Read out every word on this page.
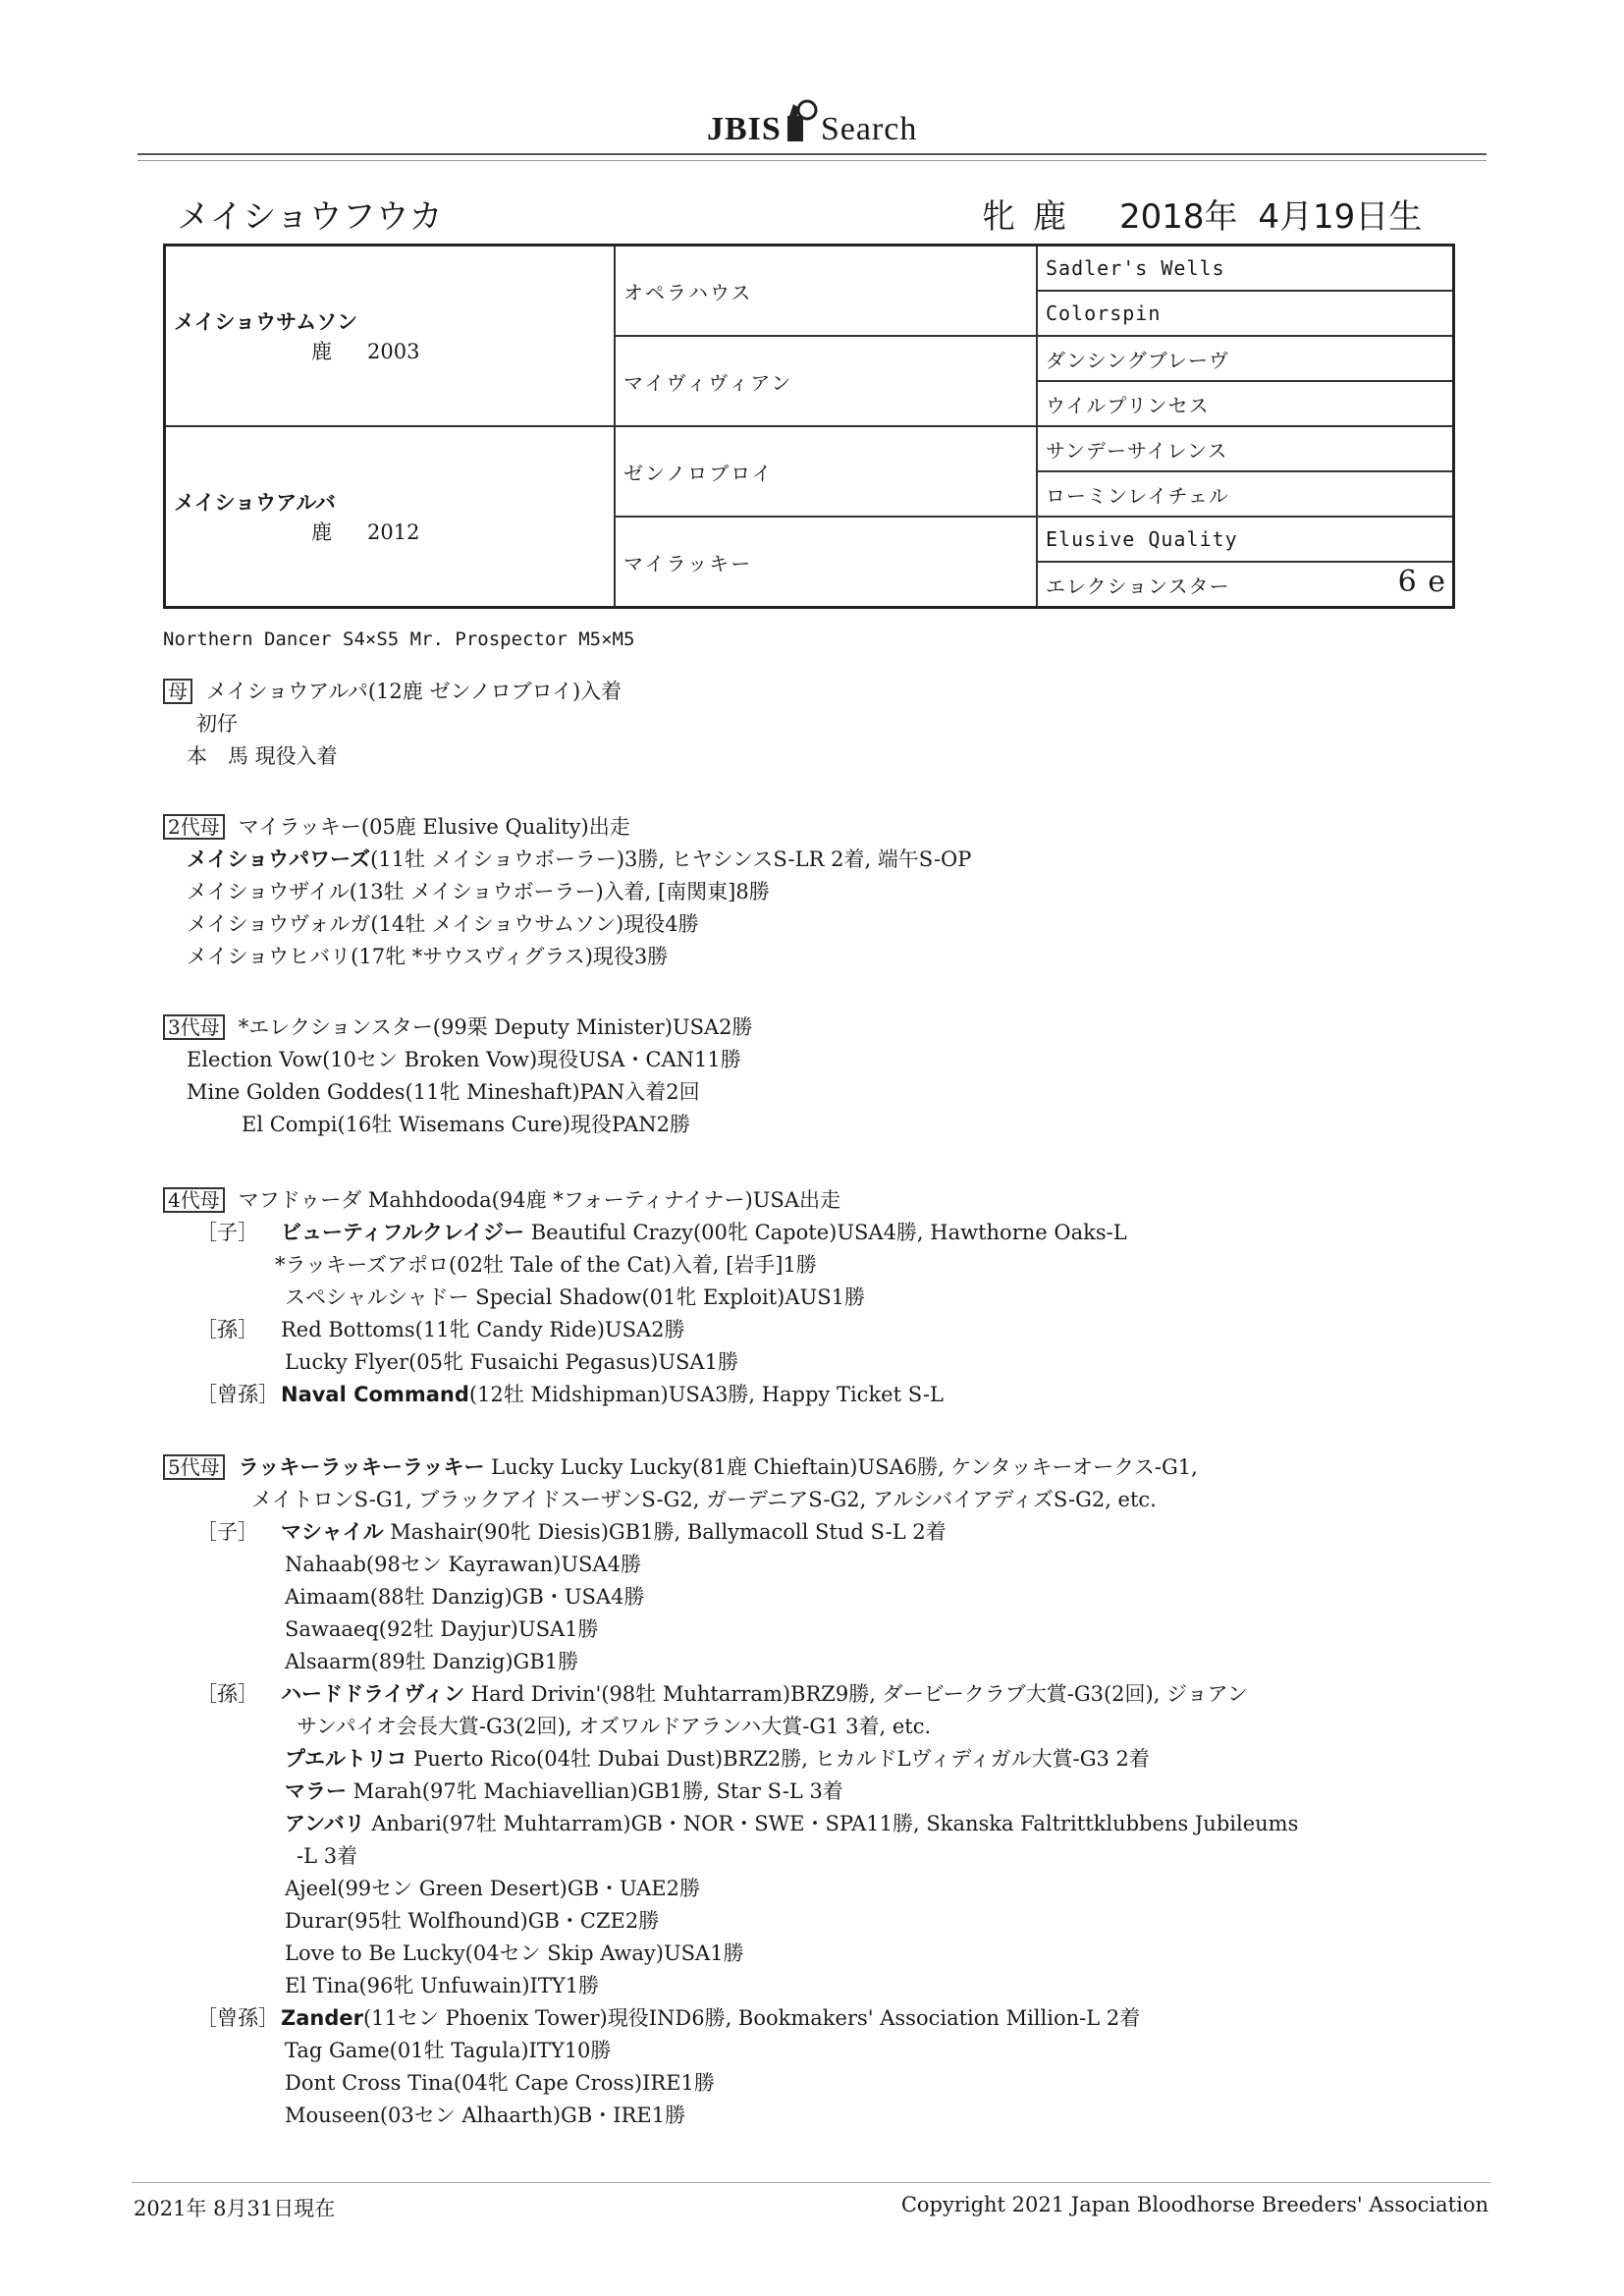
JBIS Search
メイショウフウカ	牝 鹿 2018年 4月19日生
メイショウサムソン
鹿 2003	オペラハウス	Sadler's Wells
		Colorspin
	マイヴィヴィアン	ダンシングブレーヴ
		ウイルプリンセス

メイショウアルバ
鹿 2012	ゼンノロブロイ	サンデーサイレンス
		ローミンレイチェル
	マイラッキー	Elusive Quality
		エレクションスター 6 e
Northern Dancer S4×S5 Mr. Prospector M5×M5
母 メイショウアルパ(12鹿 ゼンノロブロイ)入着
初仔
本　馬 現役入着
2代母 マイラッキー(05鹿 Elusive Quality)出走
メイショウパワーズ(11牡 メイショウボーラー)3勝, ヒヤシンスS-LR 2着, 端午S-OP
メイショウザイル(13牡 メイショウボーラー)入着, [南関東]8勝
メイショウヴォルガ(14牡 メイショウサムソン)現役4勝
メイショウヒバリ(17牝 *サウスヴィグラス)現役3勝
3代母 *エレクションスター(99栗 Deputy Minister)USA2勝
Election Vow(10セン Broken Vow)現役USA・CAN11勝
Mine Golden Goddes(11牝 Mineshaft)PAN入着2回
El Compi(16牡 Wisemans Cure)現役PAN2勝
4代母 マフドゥーダ Mahhdooda(94鹿 *フォーティナイナー)USA出走
［子］ ビューティフルクレイジー Beautiful Crazy(00牝 Capote)USA4勝, Hawthorne Oaks-L
*ラッキーズアポロ(02牡 Tale of the Cat)入着, [岩手]1勝
スペシャルシャドー Special Shadow(01牝 Exploit)AUS1勝
［孫］ Red Bottoms(11牝 Candy Ride)USA2勝
Lucky Flyer(05牝 Fusaichi Pegasus)USA1勝
［曾孫］Naval Command(12牡 Midshipman)USA3勝, Happy Ticket S-L
5代母 ラッキーラッキーラッキー Lucky Lucky Lucky(81鹿 Chieftain)USA6勝, ケンタッキーオークス-G1,
メイトロンS-G1, ブラックアイドスーザンS-G2, ガーデニアS-G2, アルシバイアディズS-G2, etc.
［子］ マシャイル Mashair(90牝 Diesis)GB1勝, Ballymacoll Stud S-L 2着
Nahaab(98セン Kayrawan)USA4勝
Aimaam(88牡 Danzig)GB・USA4勝
Sawaaeq(92牡 Dayjur)USA1勝
Alsaarm(89牡 Danzig)GB1勝
［孫］ ハードドライヴィン Hard Drivin'(98牡 Muhtarram)BRZ9勝, ダービークラブ大賞-G3(2回), ジョアン
サンパイオ会長大賞-G3(2回), オズワルドアランハ大賞-G1 3着, etc.
プエルトリコ Puerto Rico(04牡 Dubai Dust)BRZ2勝, ヒカルドLヴィディガル大賞-G3 2着
マラー Marah(97牝 Machiavellian)GB1勝, Star S-L 3着
アンバリ Anbari(97牡 Muhtarram)GB・NOR・SWE・SPA11勝, Skanska Faltrittklubbens Jubileums
-L 3着
Ajeel(99セン Green Desert)GB・UAE2勝
Durar(95牡 Wolfhound)GB・CZE2勝
Love to Be Lucky(04セン Skip Away)USA1勝
El Tina(96牝 Unfuwain)ITY1勝
［曾孫］Zander(11セン Phoenix Tower)現役IND6勝, Bookmakers' Association Million-L 2着
Tag Game(01牡 Tagula)ITY10勝
Dont Cross Tina(04牝 Cape Cross)IRE1勝
Mouseen(03セン Alhaarth)GB・IRE1勝
2021年 8月31日現在	Copyright 2021 Japan Bloodhorse Breeders' Association
